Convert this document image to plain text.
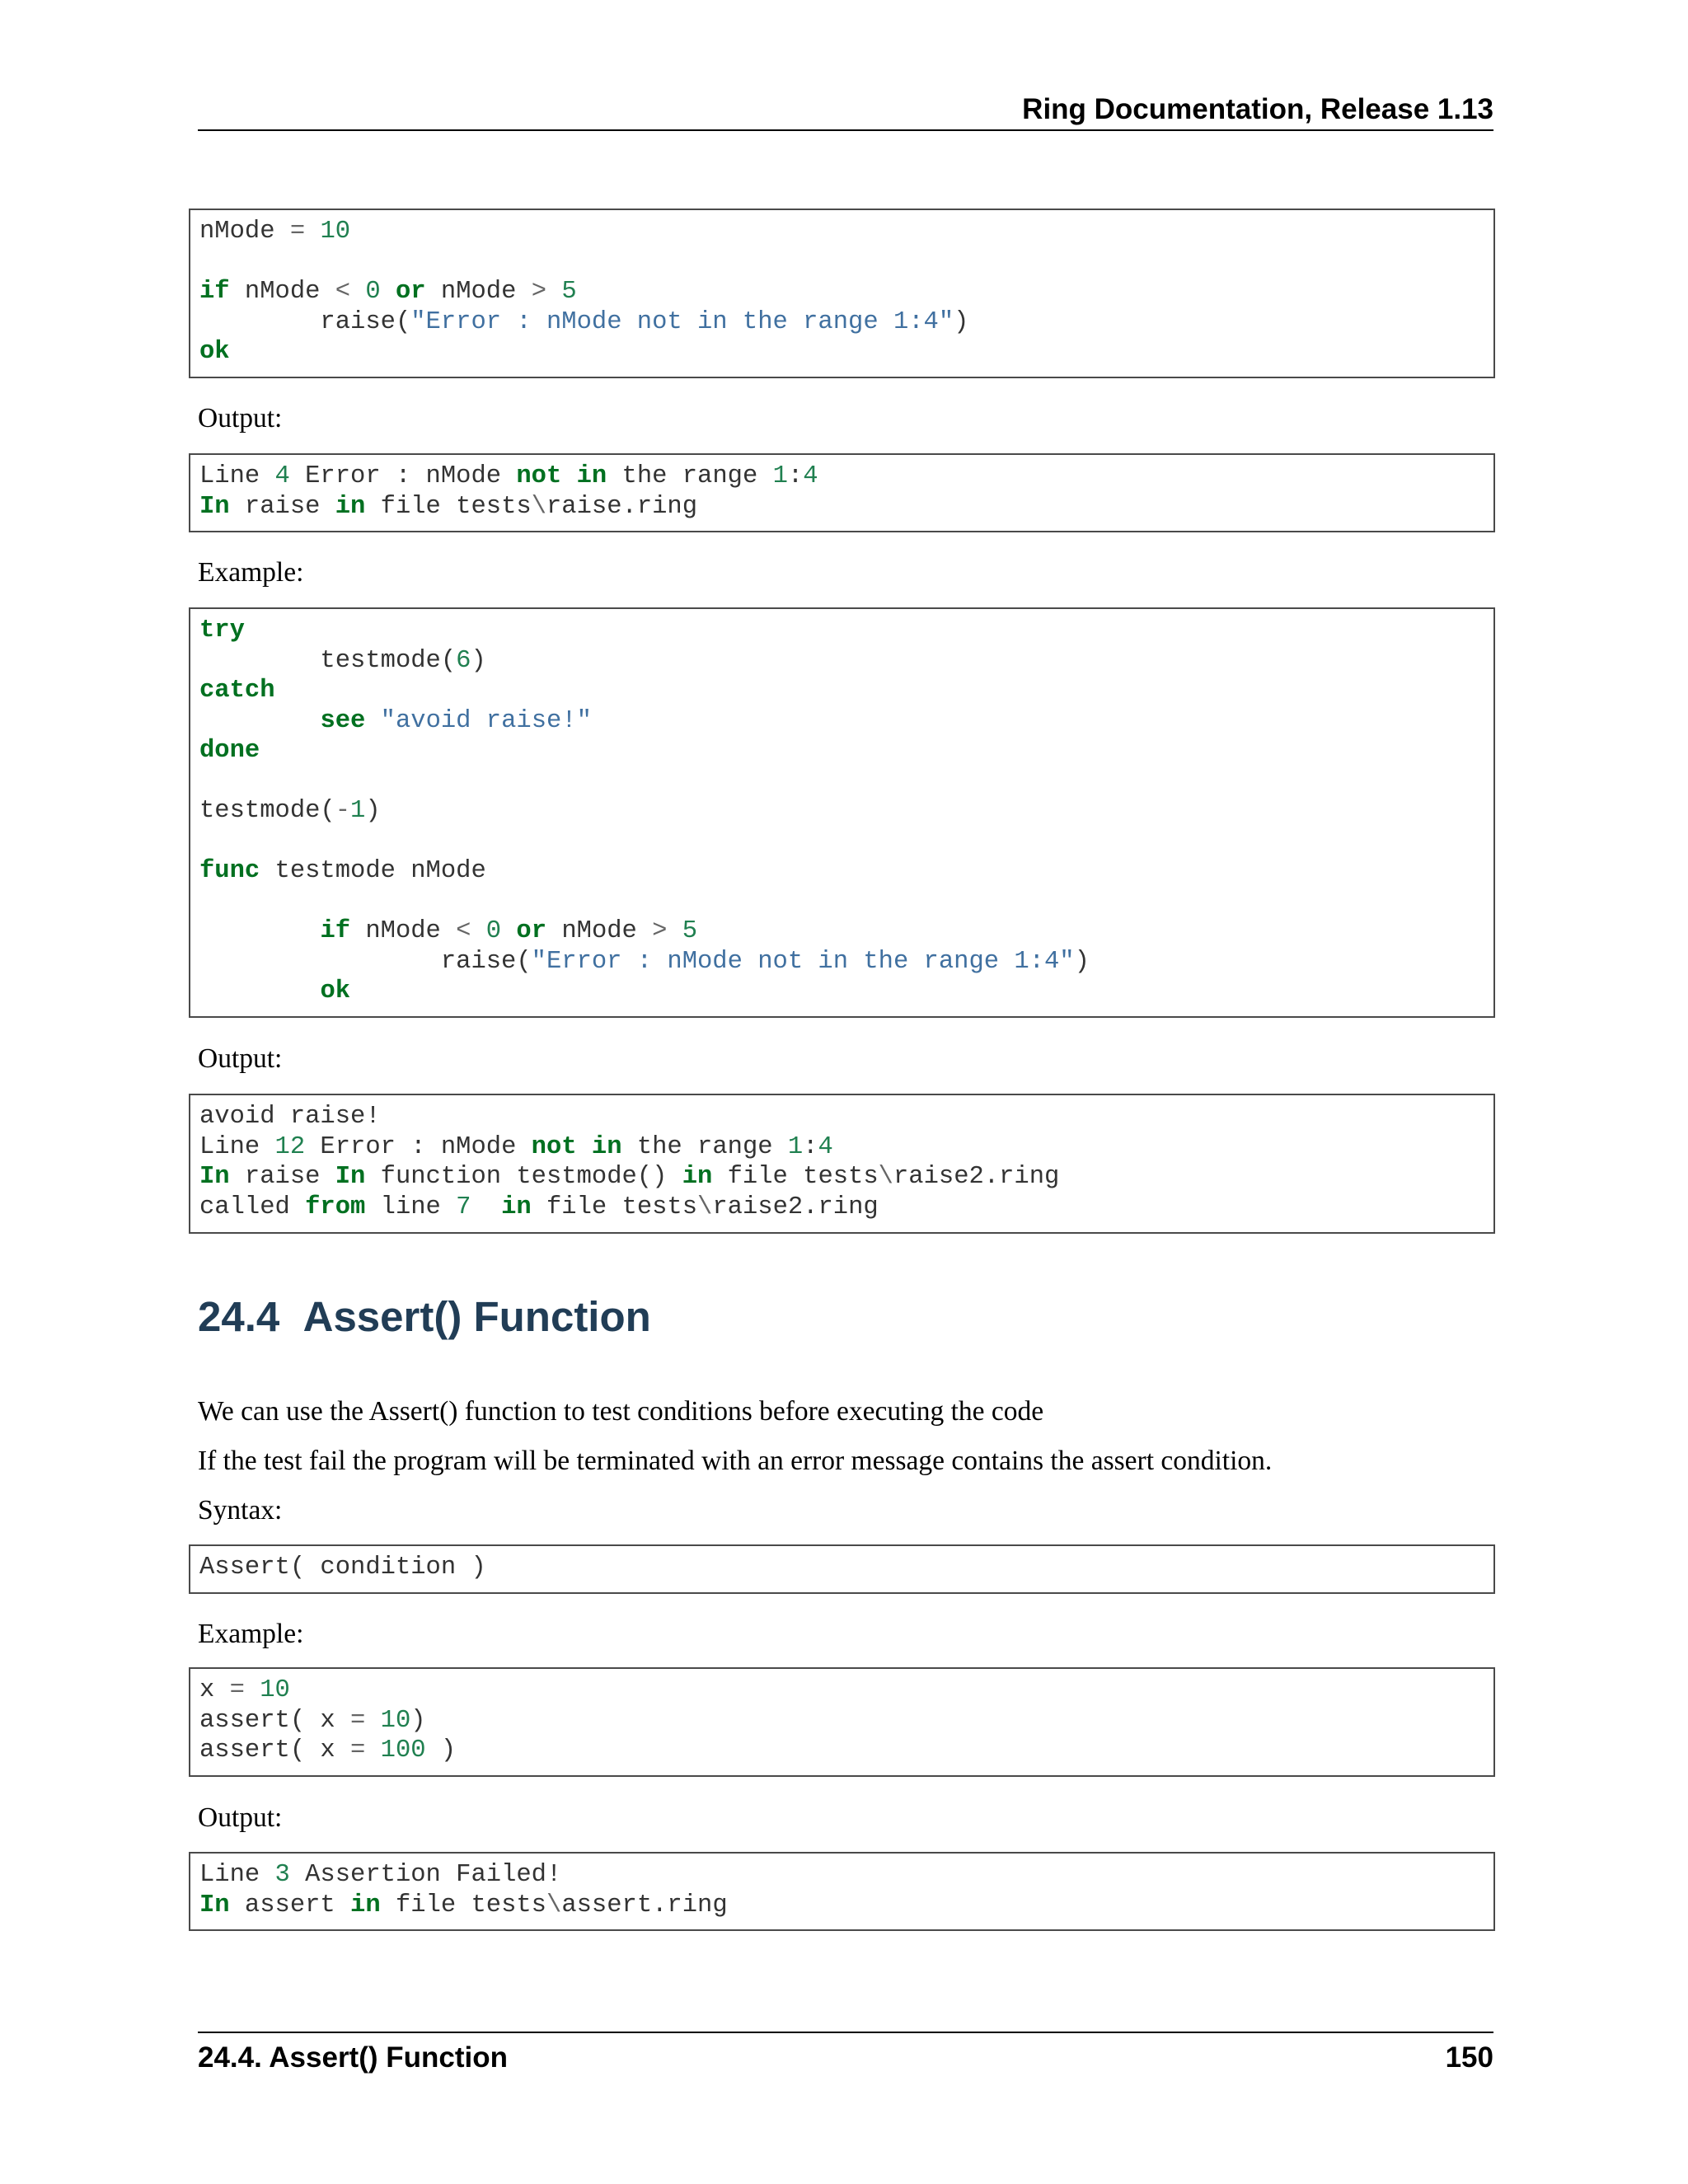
Ring Documentation, Release 1.13
nMode = 10
if nMode < 0 or nMode > 5
raise("Error : nMode not in the range 1:4")
ok
Output:
Line 4 Error : nMode not in the range 1:4
In raise in file tests\raise.ring
Example:
try
testmode(6)
catch
see "avoid raise!"
done
testmode(-1)
func testmode nMode
if nMode < 0 or nMode > 5
raise("Error : nMode not in the range 1:4")
ok
Output:
avoid raise!
Line 12 Error : nMode not in the range 1:4
In raise In function testmode() in file tests\raise2.ring
called from line 7 in file tests\raise2.ring
24.4 Assert() Function
We can use the Assert() function to test conditions before executing the code
If the test fail the program will be terminated with an error message contains the assert condition.
Syntax:
Assert( condition )
Example:
x = 10
assert( x = 10)
assert( x = 100 )
Output:
Line 3 Assertion Failed!
In assert in file tests\assert.ring
24.4. Assert() Function	150
